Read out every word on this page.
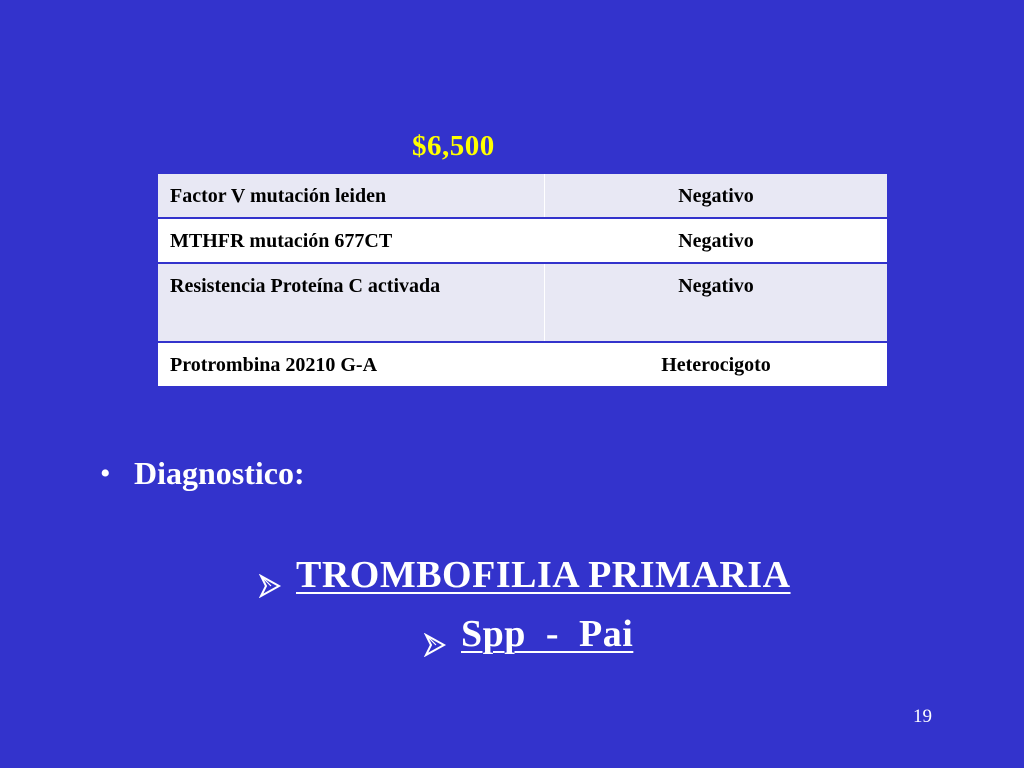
$6,500
Factor V mutación leiden	Negativo
MTHFR mutación 677CT	Negativo
Resistencia Proteína C activada	Negativo
Protrombina 20210 G-A	Heterocigoto
• Diagnostico:
TROMBOFILIA PRIMARIA
Spp  -  Pai
19
